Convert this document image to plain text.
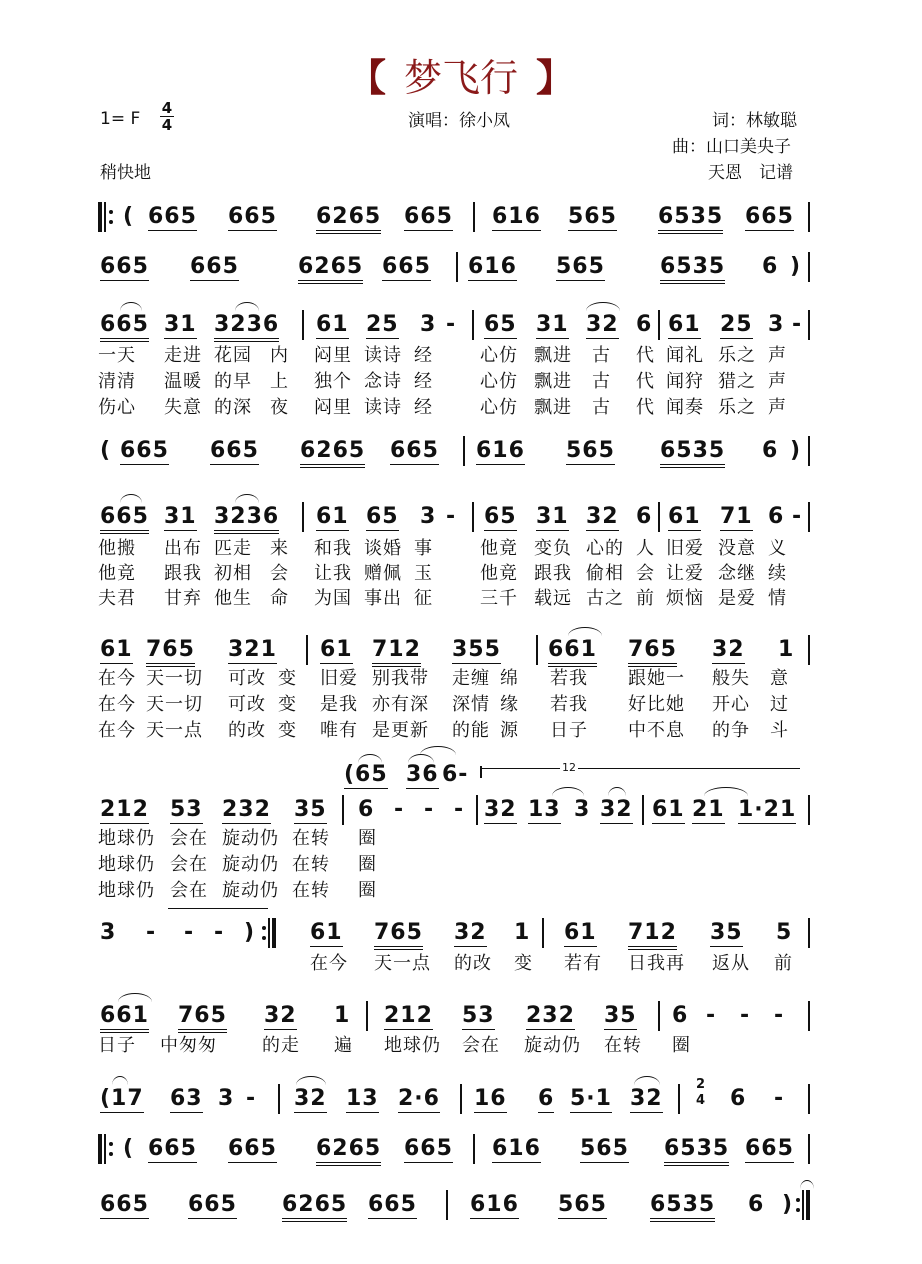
【 梦飞行 】
1= F
4
4	演唱：徐小凤	词：林敏聪
曲：山口美央子
稍快地	天恩　记谱
( 665 665 6265 665 616 565 6535 665
665 665	6265 665 616 565	6535 6 )
665 31 3236 61 25 3 - 65 31 32 6 61 25 3 -
一天 走进 花园 内 闷里 读诗 经	心仿 飘进 古 代 闻礼 乐之 声
清清 温暖 的早 上 独个 念诗 经	心仿 飘进 古 代 闻狩 猎之 声
伤心 失意 的深 夜 闷里 读诗 经	心仿 飘进 古 代 闻奏 乐之 声
( 665 665 6265 665 616 565 6535 6 )
665 31 3236 61 65 3 - 65 31 32 6 61 71 6 -
他搬 出布 匹走 来 和我 谈婚 事	他竟 变负 心的 人 旧爱 没意 义
他竟 跟我 初相 会 让我 赠佩 玉	他竟 跟我 偷相 会 让爱 念继 续
夫君 甘弃 他生 命 为国 事出 征	三千 载远 古之 前 烦恼 是爱 情
61 765 321 61 712 355 661 765 32 1
在今 天一切 可改 变 旧爱 别我带 走缠 绵 若我 跟她一 般失 意
在今 天一切 可改 变 是我 亦有深 深情 缘 若我 好比她 开心 过
在今 天一点 的改 变 唯有 是更新 的能 源 日子 中不息 的争 斗
(65 36 6-	12
212 53 232 35 6 - - - 32 13 3 32 61 21 1·21
地球仍 会在 旋动仍 在转 圈
地球仍 会在 旋动仍 在转 圈
地球仍 会在 旋动仍 在转 圈
3 - - - ) 61 765 32 1 61 712 35 5
在今 天一点 的改 变 若有 日我再 返从 前
661 765 32 1 212 53 232 35 6 - - -
日子 中匆匆	的走 遍 地球仍 会在 旋动仍 在转 圈
(17 63 3 - 32 13 2·6 16 6 5·1 32
2
4 6 -
( 665 665 6265 665 616 565 6535 665
665 665 6265 665 616 565 6535 6 )
